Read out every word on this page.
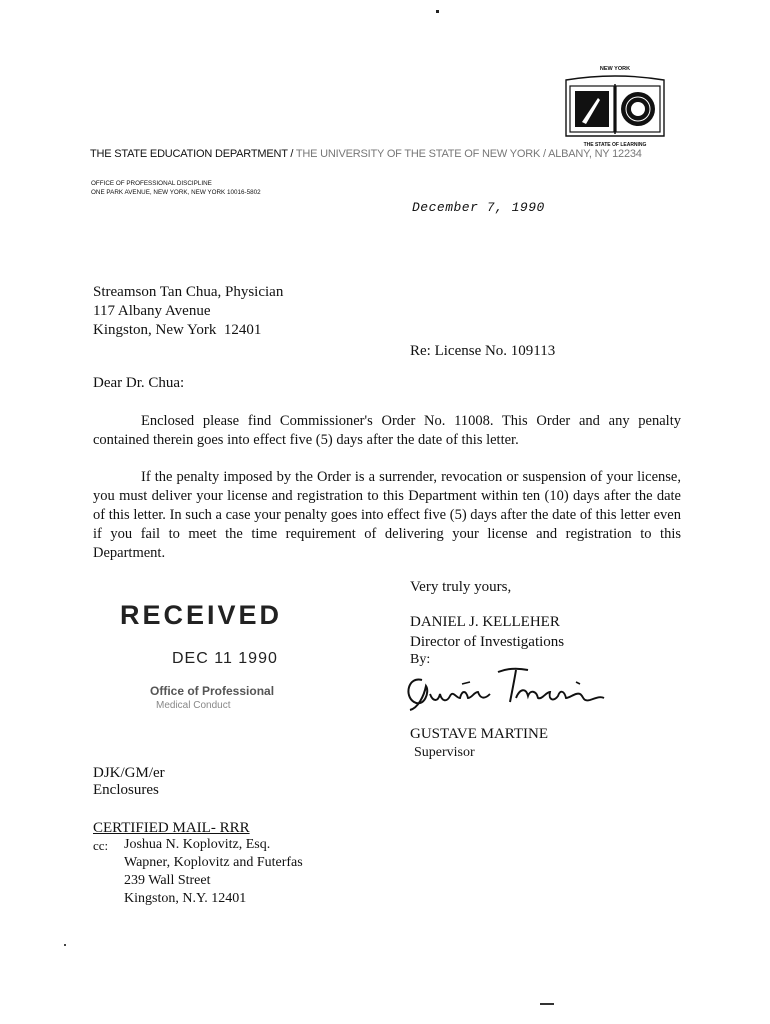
NEW YORK
THE STATE OF LEARNING
THE STATE EDUCATION DEPARTMENT / THE UNIVERSITY OF THE STATE OF NEW YORK / ALBANY, NY 12234
OFFICE OF PROFESSIONAL DISCIPLINE
ONE PARK AVENUE, NEW YORK, NEW YORK 10016-5802
December 7, 1990
Streamson Tan Chua, Physician
117 Albany Avenue
Kingston, New York  12401
Re: License No. 109113
Dear Dr. Chua:
Enclosed please find Commissioner's Order No. 11008. This Order and any penalty contained therein goes into effect five (5) days after the date of this letter.
If the penalty imposed by the Order is a surrender, revocation or suspension of your license, you must deliver your license and registration to this Department within ten (10) days after the date of this letter. In such a case your penalty goes into effect five (5) days after the date of this letter even if you fail to meet the time requirement of delivering your license and registration to this Department.
Very truly yours,
DANIEL J. KELLEHER
Director of Investigations
By:
GUSTAVE MARTINE
Supervisor
RECEIVED
DEC 11 1990
Office of Professional
Medical Conduct
DJK/GM/er
Enclosures
CERTIFIED MAIL- RRR
cc: Joshua N. Koplovitz, Esq.
Wapner, Koplovitz and Futerfas
239 Wall Street
Kingston, N.Y. 12401
